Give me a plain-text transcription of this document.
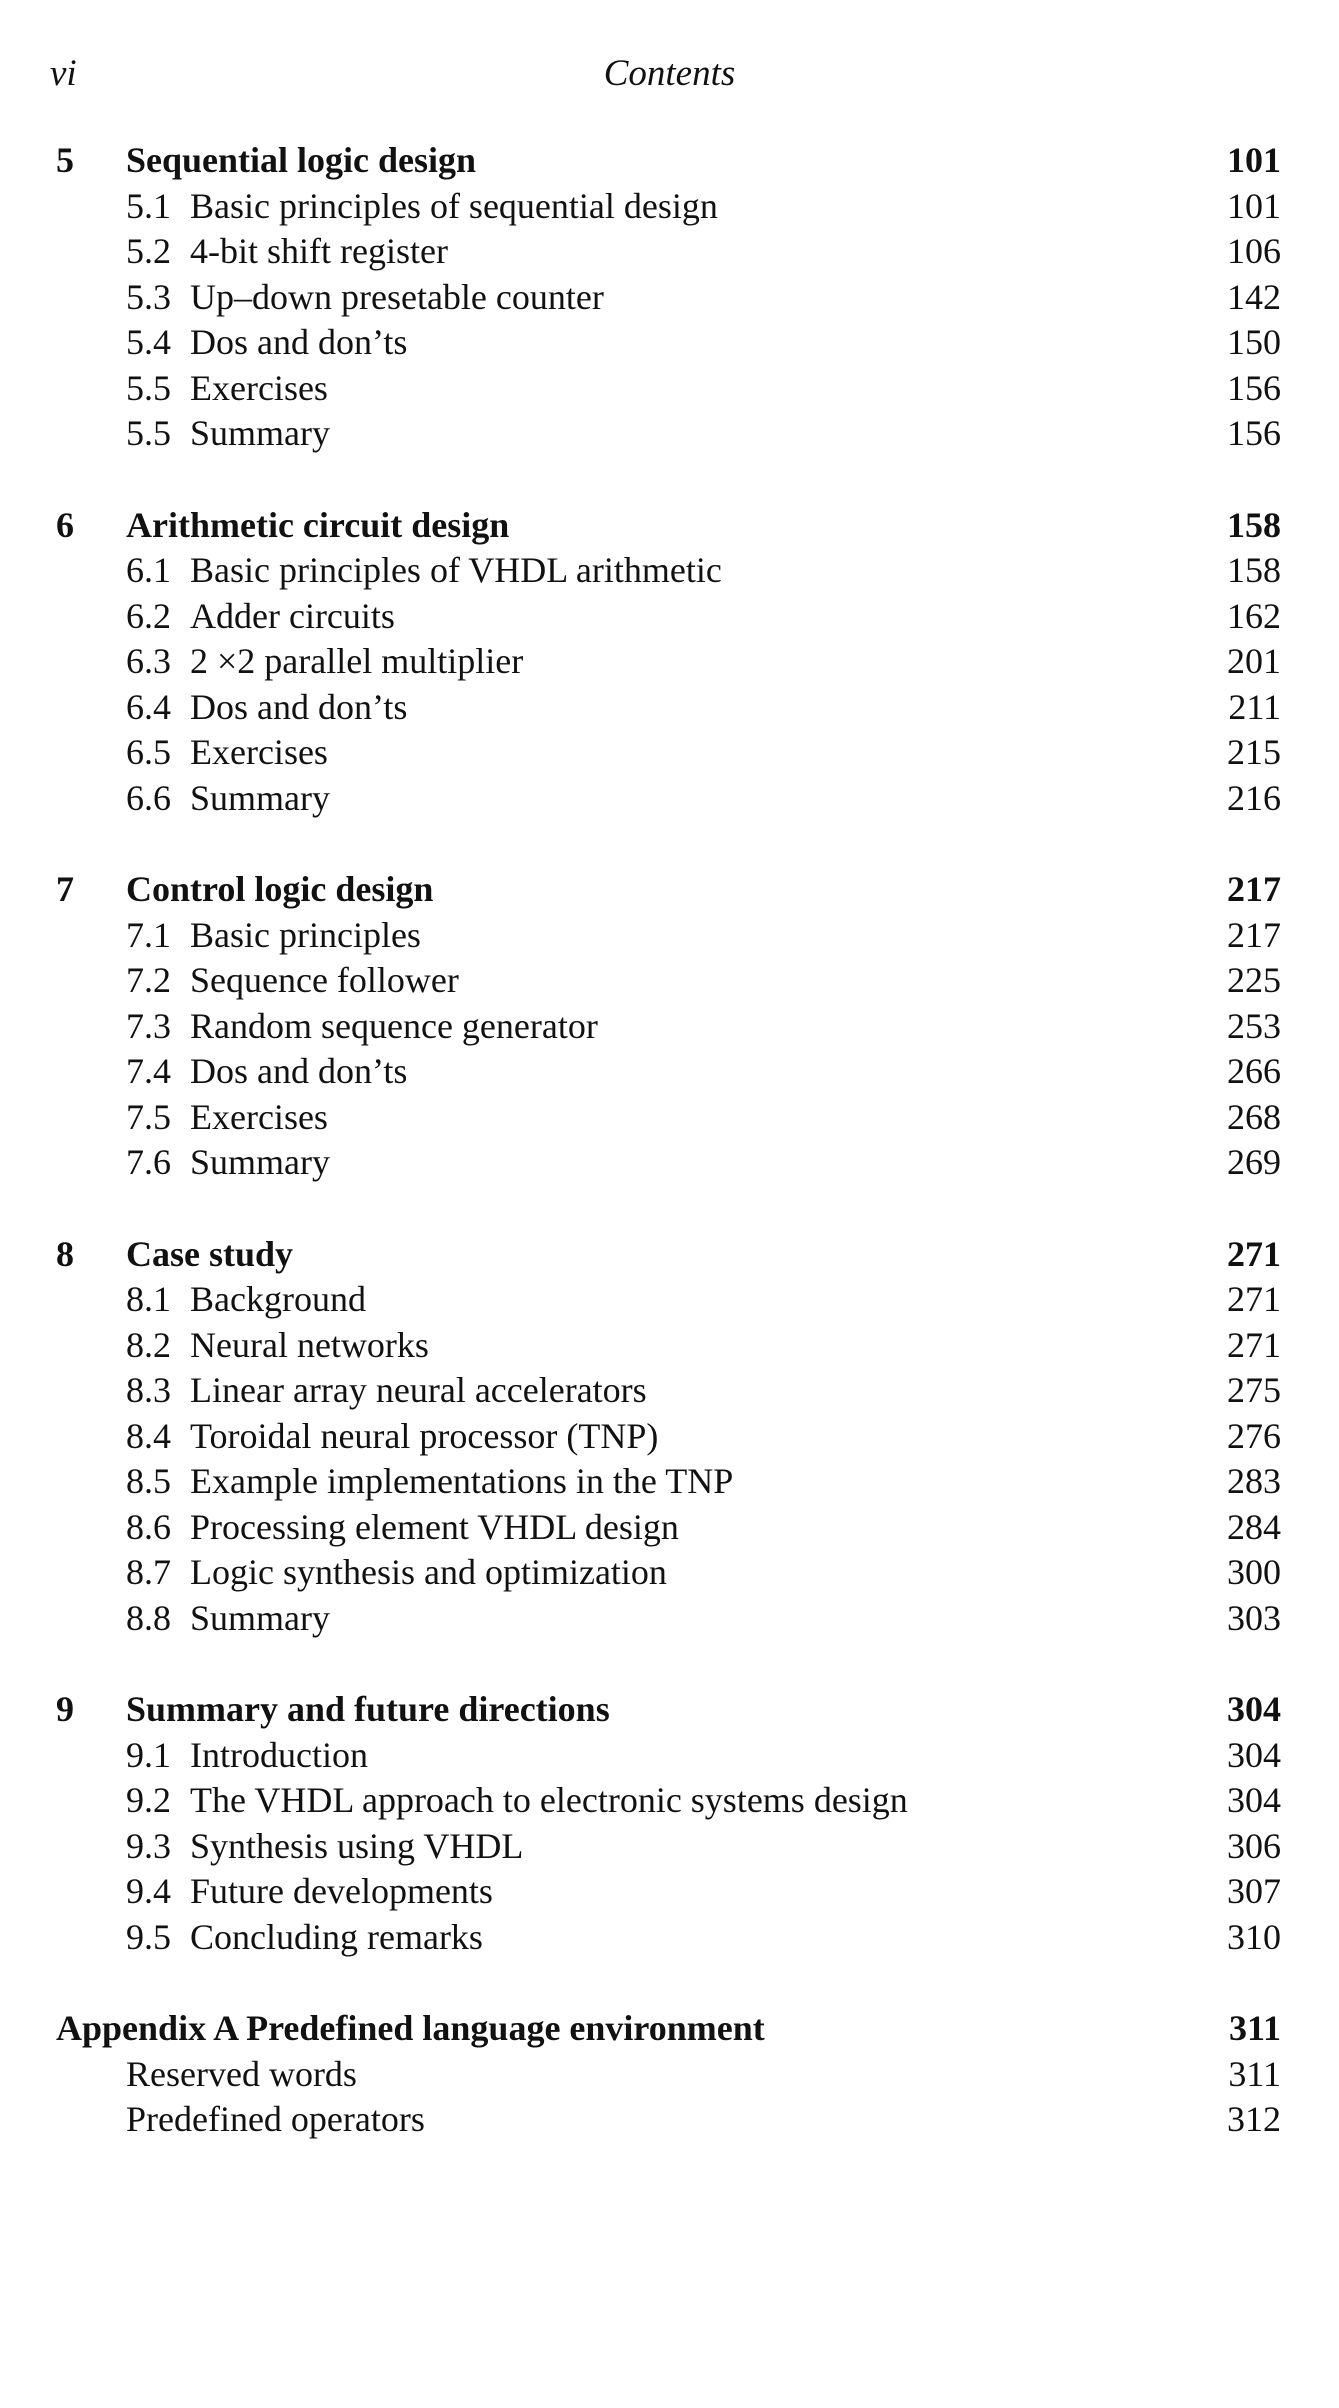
vi	Contents
5 Sequential logic design	101
5.1 Basic principles of sequential design	101
5.2 4-bit shift register	106
5.3 Up–down presetable counter	142
5.4 Dos and don’ts	150
5.5 Exercises	156
5.5 Summary	156
6 Arithmetic circuit design	158
6.1 Basic principles of VHDL arithmetic	158
6.2 Adder circuits	162
6.3 2 ×2 parallel multiplier	201
6.4 Dos and don’ts	211
6.5 Exercises	215
6.6 Summary	216
7 Control logic design	217
7.1 Basic principles	217
7.2 Sequence follower	225
7.3 Random sequence generator	253
7.4 Dos and don’ts	266
7.5 Exercises	268
7.6 Summary	269
8 Case study	271
8.1 Background	271
8.2 Neural networks	271
8.3 Linear array neural accelerators	275
8.4 Toroidal neural processor (TNP)	276
8.5 Example implementations in the TNP	283
8.6 Processing element VHDL design	284
8.7 Logic synthesis and optimization	300
8.8 Summary	303
9 Summary and future directions	304
9.1 Introduction	304
9.2 The VHDL approach to electronic systems design	304
9.3 Synthesis using VHDL	306
9.4 Future developments	307
9.5 Concluding remarks	310
Appendix A Predefined language environment	311
Reserved words	311
Predefined operators	312
